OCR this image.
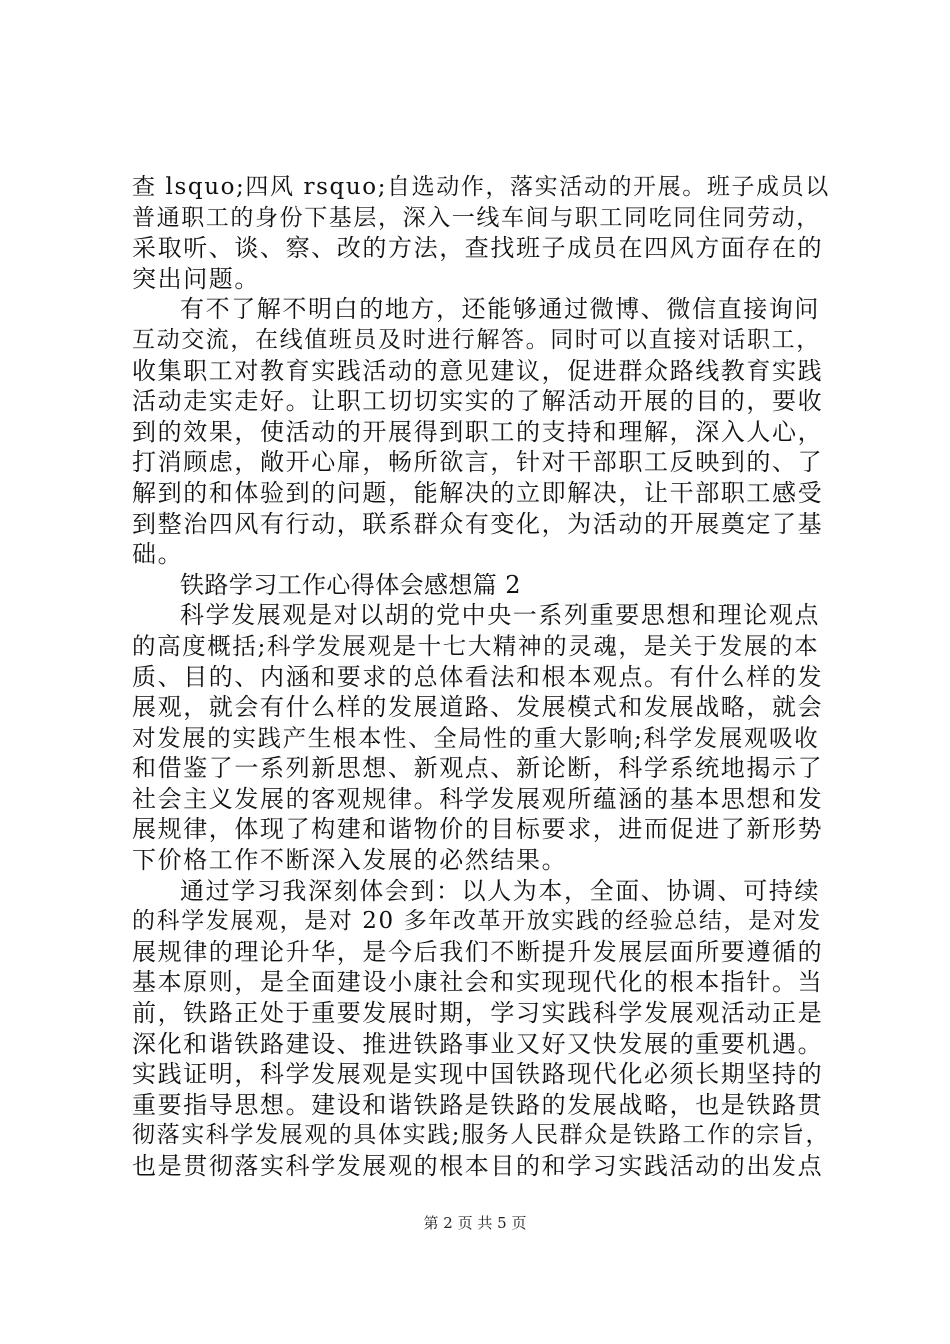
查 lsquo;四风 rsquo;自选动作，落实活动的开展。班子成员以
普通职工的身份下基层，深入一线车间与职工同吃同住同劳动，
采取听、谈、察、改的方法，查找班子成员在四风方面存在的
突出问题。
有不了解不明白的地方，还能够通过微博、微信直接询问
互动交流，在线值班员及时进行解答。同时可以直接对话职工，
收集职工对教育实践活动的意见建议，促进群众路线教育实践
活动走实走好。让职工切切实实的了解活动开展的目的，要收
到的效果，使活动的开展得到职工的支持和理解，深入人心，
打消顾虑，敞开心扉，畅所欲言，针对干部职工反映到的、了
解到的和体验到的问题，能解决的立即解决，让干部职工感受
到整治四风有行动，联系群众有变化，为活动的开展奠定了基
础。
铁路学习工作心得体会感想篇 2
科学发展观是对以胡的党中央一系列重要思想和理论观点
的高度概括;科学发展观是十七大精神的灵魂，是关于发展的本
质、目的、内涵和要求的总体看法和根本观点。有什么样的发
展观，就会有什么样的发展道路、发展模式和发展战略，就会
对发展的实践产生根本性、全局性的重大影响;科学发展观吸收
和借鉴了一系列新思想、新观点、新论断，科学系统地揭示了
社会主义发展的客观规律。科学发展观所蕴涵的基本思想和发
展规律，体现了构建和谐物价的目标要求，进而促进了新形势
下价格工作不断深入发展的必然结果。
通过学习我深刻体会到：以人为本，全面、协调、可持续
的科学发展观，是对 20 多年改革开放实践的经验总结，是对发
展规律的理论升华，是今后我们不断提升发展层面所要遵循的
基本原则，是全面建设小康社会和实现现代化的根本指针。当
前，铁路正处于重要发展时期，学习实践科学发展观活动正是
深化和谐铁路建设、推进铁路事业又好又快发展的重要机遇。
实践证明，科学发展观是实现中国铁路现代化必须长期坚持的
重要指导思想。建设和谐铁路是铁路的发展战略，也是铁路贯
彻落实科学发展观的具体实践;服务人民群众是铁路工作的宗旨，
也是贯彻落实科学发展观的根本目的和学习实践活动的出发点
第 2 页 共 5 页
